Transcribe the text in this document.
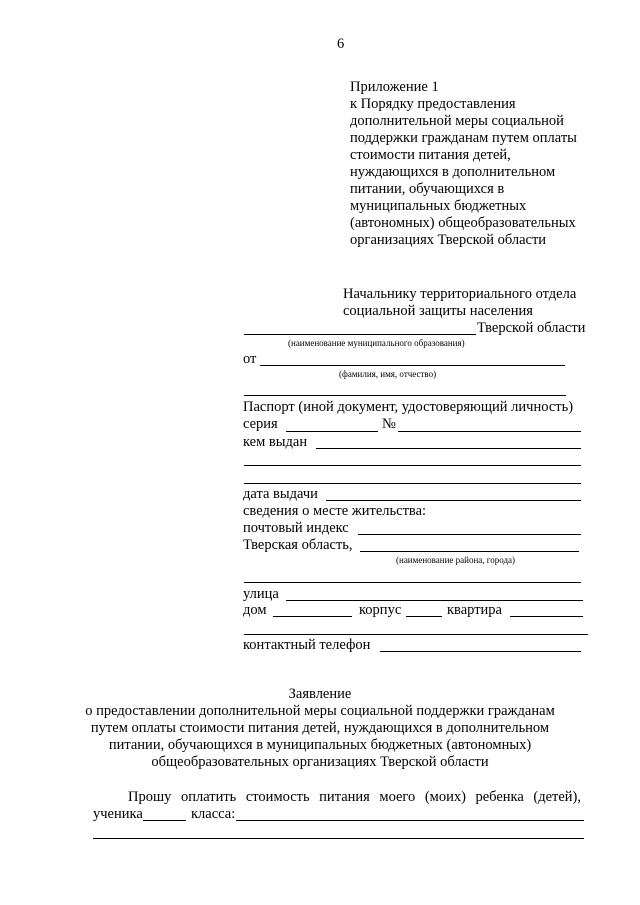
6
Приложение 1
к Порядку предоставления
дополнительной меры социальной
поддержки гражданам путем оплаты
стоимости питания детей,
нуждающихся в дополнительном
питании, обучающихся в
муниципальных бюджетных
(автономных) общеобразовательных
организациях Тверской области
Начальнику территориального отдела
социальной защиты населения
Тверской области
(наименование муниципального образования)
от
(фамилия, имя, отчество)
Паспорт (иной документ, удостоверяющий личность)
серия	№
кем выдан
дата выдачи
сведения о месте жительства:
почтовый индекс
Тверская область,
(наименование района, города)
улица
дом	корпус	квартира
контактный телефон
Заявление
о предоставлении дополнительной меры социальной поддержки гражданам
путем оплаты стоимости питания детей, нуждающихся в дополнительном
питании, обучающихся в муниципальных бюджетных (автономных)
общеобразовательных организациях Тверской области
Прошу оплатить стоимость питания моего (моих) ребенка (детей),
ученика	класса:
